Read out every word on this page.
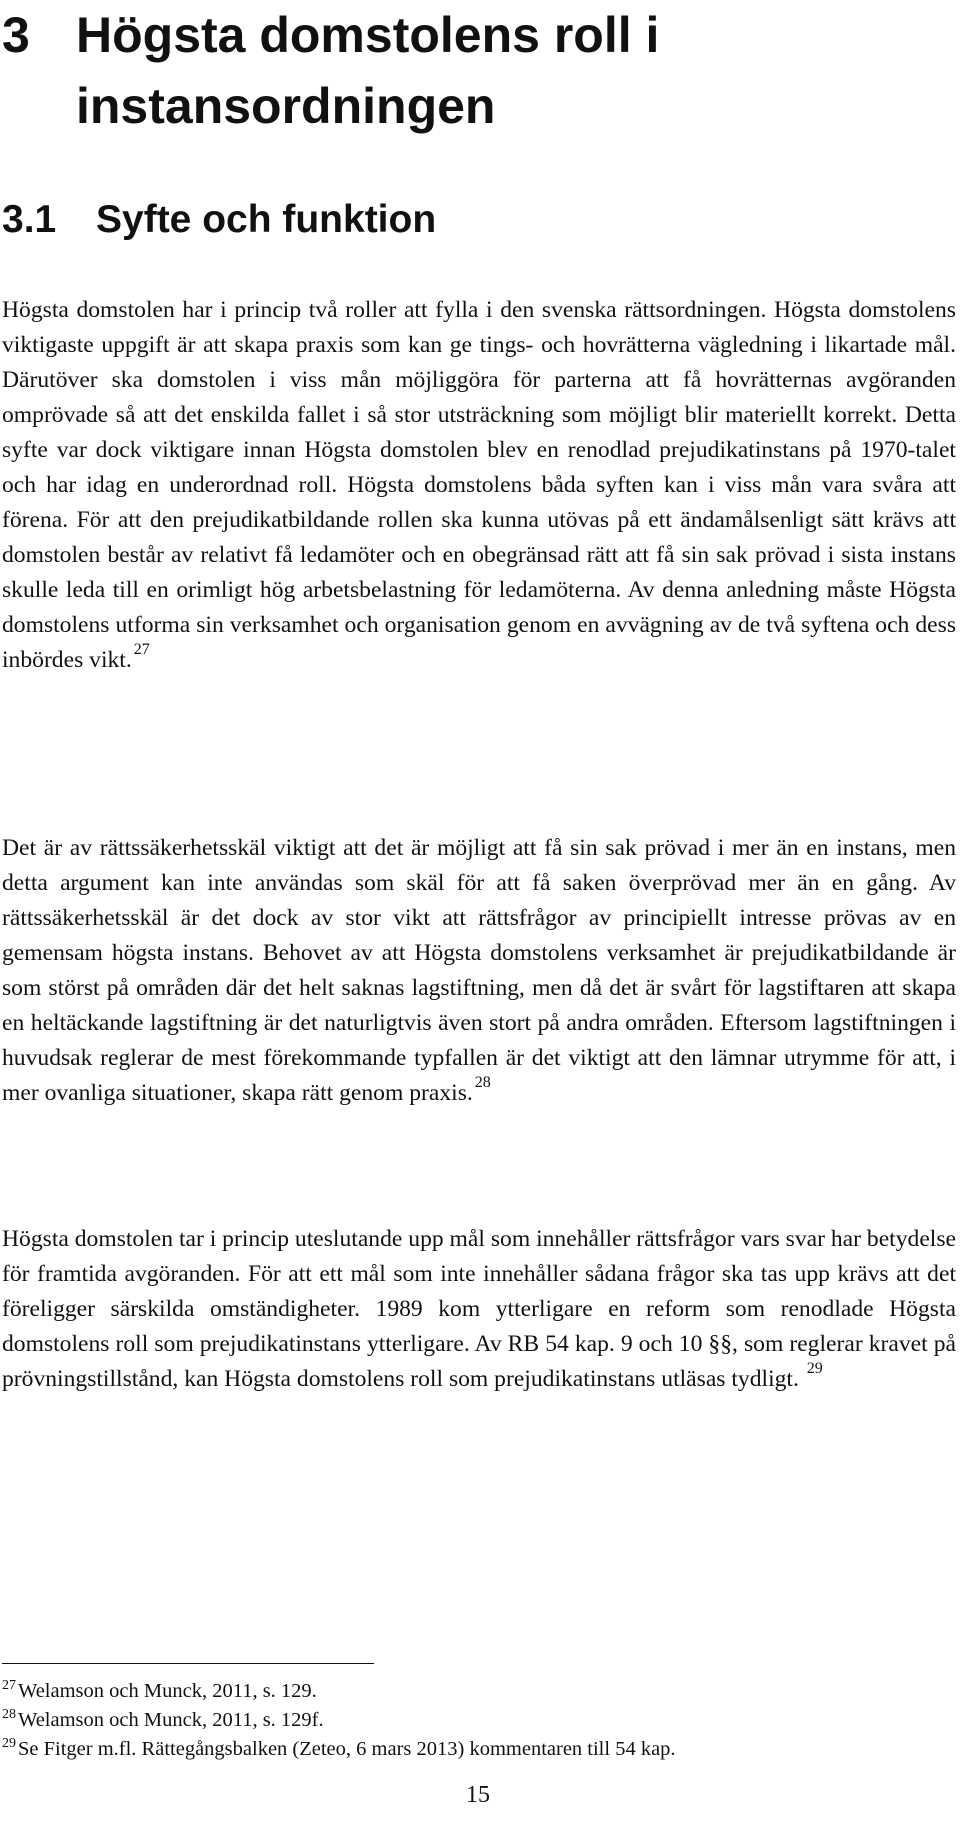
3 Högsta domstolens roll i instansordningen
3.1 Syfte och funktion

Högsta domstolen har i princip två roller att fylla i den svenska rättsordningen. Högsta domstolens viktigaste uppgift är att skapa praxis som kan ge tings- och hovrätterna vägledning i likartade mål. Därutöver ska domstolen i viss mån möjliggöra för parterna att få hovrätternas avgöranden omprövade så att det enskilda fallet i så stor utsträckning som möjligt blir materiellt korrekt. Detta syfte var dock viktigare innan Högsta domstolen blev en renodlad prejudikatinstans på 1970-talet och har idag en underordnad roll. Högsta domstolens båda syften kan i viss mån vara svåra att förena. För att den prejudikatbildande rollen ska kunna utövas på ett ändamålsenligt sätt krävs att domstolen består av relativt få ledamöter och en obegränsad rätt att få sin sak prövad i sista instans skulle leda till en orimligt hög arbetsbelastning för ledamöterna. Av denna anledning måste Högsta domstolens utforma sin verksamhet och organisation genom en avvägning av de två syftena och dess inbördes vikt. $^{27}$

Det är av rättssäkerhetsskäl viktigt att det är möjligt att få sin sak prövad i mer än en instans, men detta argument kan inte användas som skäl för att få saken överprövad mer än en gång. Av rättssäkerhetsskäl är det dock av stor vikt att rättsfrågor av principiellt intresse prövas av en gemensam högsta instans. Behovet av att Högsta domstolens verksamhet är prejudikatbildande är som störst på områden där det helt saknas lagstiftning, men då det är svårt för lagstiftaren att skapa en heltäckande lagstiftning är det naturligtvis även stort på andra områden. Eftersom lagstiftningen i huvudsak reglerar de mest förekommande typfallen är det viktigt att den lämnar utrymme för att, i mer ovanliga situationer, skapa rätt genom praxis. $^{28}$

Högsta domstolen tar i princip uteslutande upp mål som innehåller rättsfrågor vars svar har betydelse för framtida avgöranden. För att ett mål som inte innehåller sådana frågor ska tas upp krävs att det föreligger särskilda omständigheter. 1989 kom ytterligare en reform som renodlade Högsta domstolens roll som prejudikatinstans ytterligare. Av RB 54 kap. 9 och 10 §§, som reglerar kravet på prövningstillstånd, kan Högsta domstolens roll som prejudikatinstans utläsas tydligt. $^{29}$

$^{27}$Welamson och Munck, 2011, s. 129.
$^{28}$Welamson och Munck, 2011, s. 129f.
$^{29}$Se Fitger m.fl. Rättegångsbalken (Zeteo, 6 mars 2013) kommentaren till 54 kap.
15
